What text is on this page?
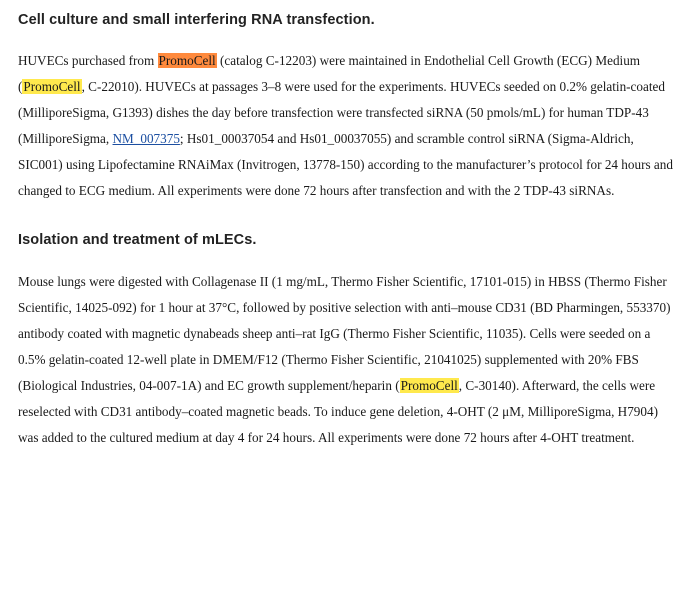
Cell culture and small interfering RNA transfection.

HUVECs purchased from PromoCell (catalog C-12203) were maintained in Endothelial Cell Growth (ECG) Medium (PromoCell, C-22010). HUVECs at passages 3–8 were used for the experiments. HUVECs seeded on 0.2% gelatin-coated (MilliporeSigma, G1393) dishes the day before transfection were transfected siRNA (50 pmols/mL) for human TDP-43 (MilliporeSigma, NM_007375; Hs01_00037054 and Hs01_00037055) and scramble control siRNA (Sigma-Aldrich, SIC001) using Lipofectamine RNAiMax (Invitrogen, 13778-150) according to the manufacturer’s protocol for 24 hours and changed to ECG medium. All experiments were done 72 hours after transfection and with the 2 TDP-43 siRNAs.

Isolation and treatment of mLECs.

Mouse lungs were digested with Collagenase II (1 mg/mL, Thermo Fisher Scientific, 17101-015) in HBSS (Thermo Fisher Scientific, 14025-092) for 1 hour at 37°C, followed by positive selection with anti–mouse CD31 (BD Pharmingen, 553370) antibody coated with magnetic dynabeads sheep anti–rat IgG (Thermo Fisher Scientific, 11035). Cells were seeded on a 0.5% gelatin-coated 12-well plate in DMEM/F12 (Thermo Fisher Scientific, 21041025) supplemented with 20% FBS (Biological Industries, 04-007-1A) and EC growth supplement/heparin (PromoCell, C-30140). Afterward, the cells were reselected with CD31 antibody–coated magnetic beads. To induce gene deletion, 4-OHT (2 μM, MilliporeSigma, H7904) was added to the cultured medium at day 4 for 24 hours. All experiments were done 72 hours after 4-OHT treatment.
